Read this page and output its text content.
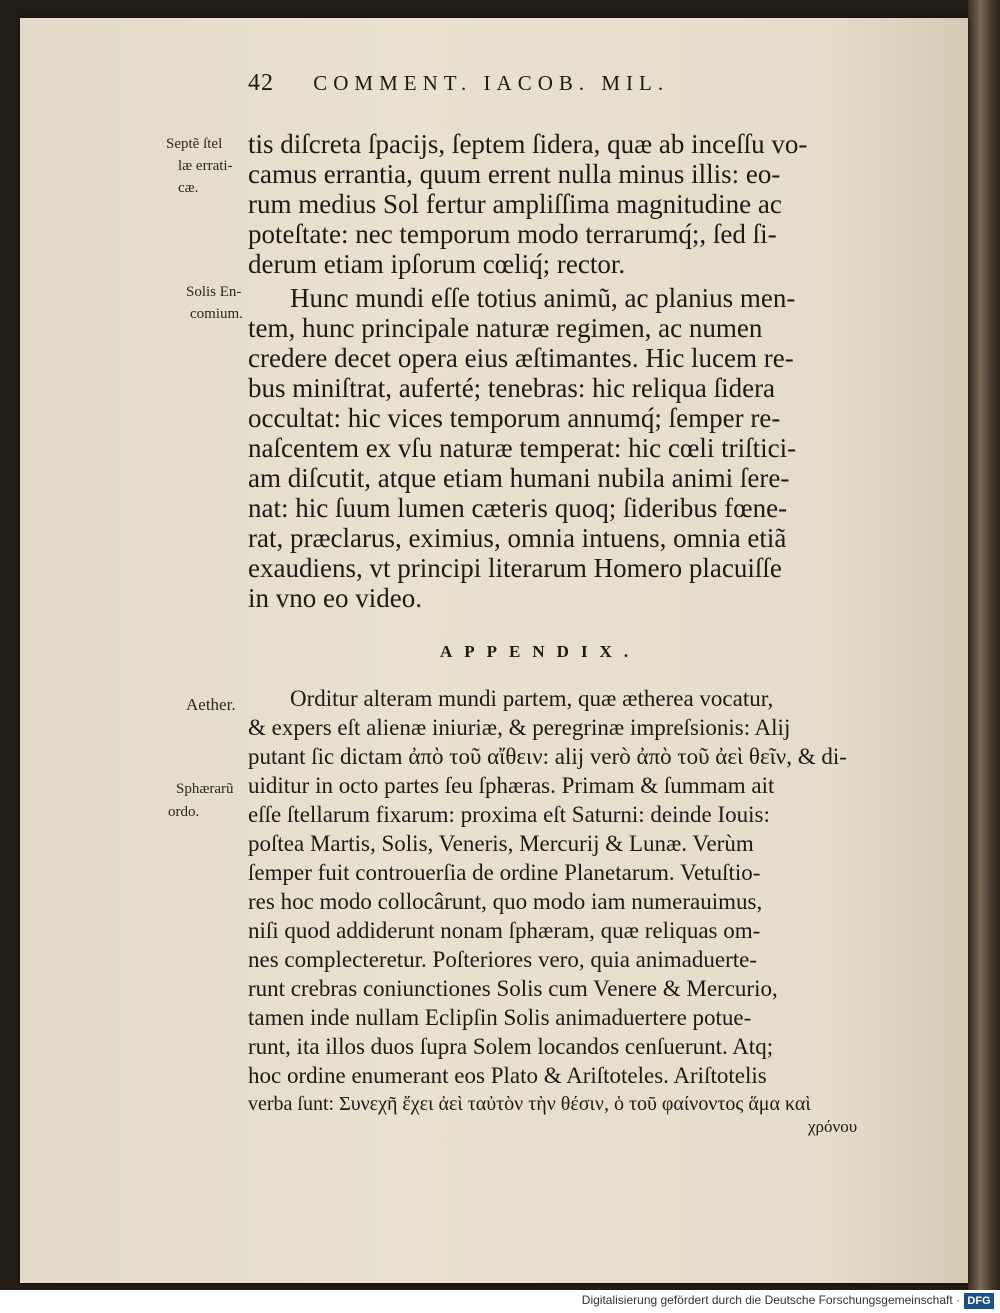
42 COMMENT. IACOB. MIL.
Septẽ ſtel
læ errati-
cæ.
Solis En-
comium.
Aether.
Sphærarũ
ordo.
tis diſcreta ſpacijs, ſeptem ſidera, quæ ab inceſſu vo-
camus errantia, quum errent nulla minus illis: eo-
rum medius Sol fertur ampliſſima magnitudine ac
poteſtate: nec temporum modo terrarumq́;, ſed ſi-
derum etiam ipſorum cœliq́; rector.
Hunc mundi eſſe totius animũ, ac planius men-
tem, hunc principale naturæ regimen, ac numen
credere decet opera eius æſtimantes. Hic lucem re-
bus miniſtrat, auferté; tenebras: hic reliqua ſidera
occultat: hic vices temporum annumq́; ſemper re-
naſcentem ex vſu naturæ temperat: hic cœli triſtici-
am diſcutit, atque etiam humani nubila animi ſere-
nat: hic ſuum lumen cæteris quoq; ſideribus fœne-
rat, præclarus, eximius, omnia intuens, omnia etiã
exaudiens, vt principi literarum Homero placuiſſe
in vno eo video.
APPENDIX.
Orditur alteram mundi partem, quæ ætherea vocatur,
& expers eſt alienæ iniuriæ, & peregrinæ impreſsionis: Alij
putant ſic dictam ἀπὸ τοῦ αἴθειν: alij verò ἀπὸ τοῦ ἀεὶ θεῖν, & di-
uiditur in octo partes ſeu ſphæras. Primam & ſummam ait
eſſe ſtellarum fixarum: proxima eſt Saturni: deinde Iouis:
poſtea Martis, Solis, Veneris, Mercurij & Lunæ. Verùm
ſemper fuit controuerſia de ordine Planetarum. Vetuſtio-
res hoc modo collocârunt, quo modo iam numerauimus,
niſi quod addiderunt nonam ſphæram, quæ reliquas om-
nes complecteretur. Poſteriores vero, quia animaduerte-
runt crebras coniunctiones Solis cum Venere & Mercurio,
tamen inde nullam Eclipſin Solis animaduertere potue-
runt, ita illos duos ſupra Solem locandos cenſuerunt. Atq;
hoc ordine enumerant eos Plato & Ariſtoteles. Ariſtotelis
verba ſunt: Συνεχῆ ἔχει ἀεὶ ταὐτὸν τὴν θέσιν, ὁ τοῦ φαίνοντος ἅμα καὶ
χρόνου
Digitalisierung gefördert durch die Deutsche Forschungsgemeinschaft · DFG
